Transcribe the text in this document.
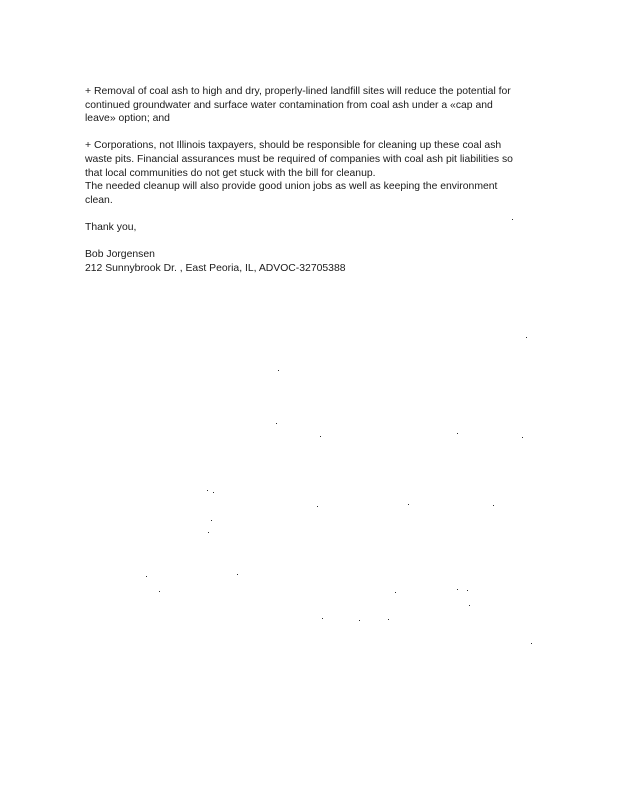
+ Removal of coal ash to high and dry, properly-lined landfill sites will reduce the potential for
continued groundwater and surface water contamination from coal ash under a «cap and
leave» option; and
+ Corporations, not Illinois taxpayers, should be responsible for cleaning up these coal ash
waste pits. Financial assurances must be required of companies with coal ash pit liabilities so
that local communities do not get stuck with the bill for cleanup.
The needed cleanup will also provide good union jobs as well as keeping the environment
clean.
Thank you,
Bob Jorgensen
212 Sunnybrook Dr. , East Peoria, IL, ADVOC-32705388
